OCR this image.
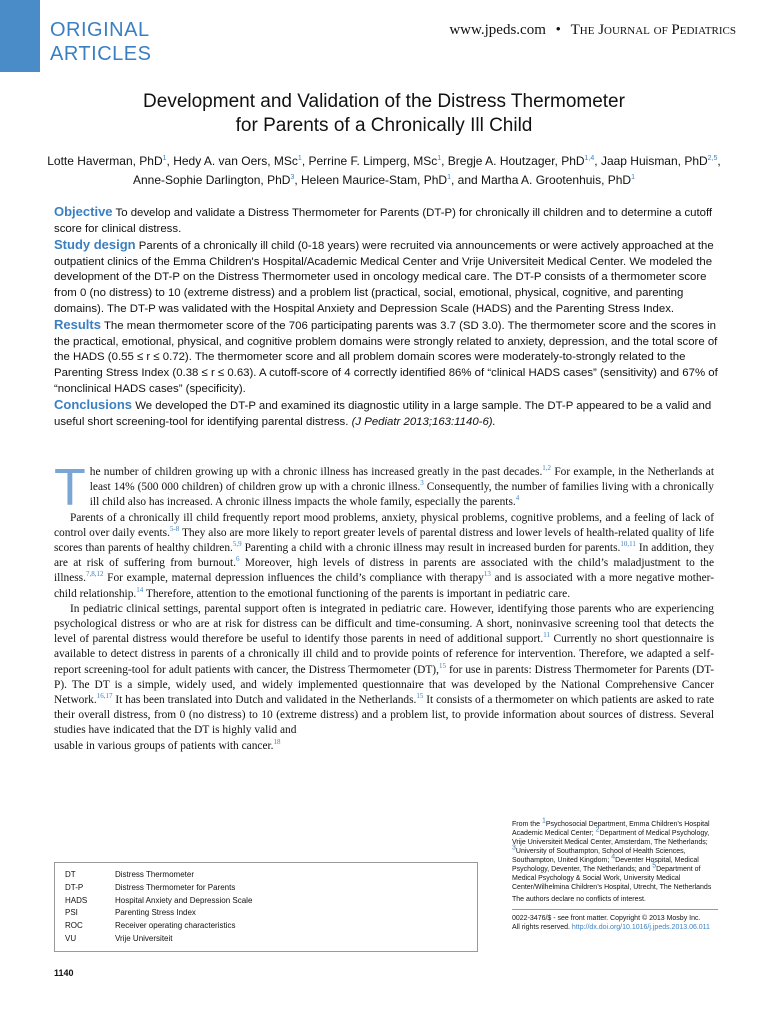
ORIGINAL
ARTICLES
www.jpeds.com • The Journal of Pediatrics
Development and Validation of the Distress Thermometer
for Parents of a Chronically Ill Child
Lotte Haverman, PhD$^1$, Hedy A. van Oers, MSc$^1$, Perrine F. Limperg, MSc$^1$, Bregje A. Houtzager, PhD$^{1,4}$, Jaap Huisman, PhD$^{2,5}$,
Anne-Sophie Darlington, PhD$^3$, Heleen Maurice-Stam, PhD$^1$, and Martha A. Grootenhuis, PhD$^1$
Objective To develop and validate a Distress Thermometer for Parents (DT-P) for chronically ill children and to determine a cutoff score for clinical distress.
Study design Parents of a chronically ill child (0-18 years) were recruited via announcements or were actively approached at the outpatient clinics of the Emma Children's Hospital/Academic Medical Center and Vrije Universiteit Medical Center. We modeled the development of the DT-P on the Distress Thermometer used in oncology medical care. The DT-P consists of a thermometer score from 0 (no distress) to 10 (extreme distress) and a problem list (practical, social, emotional, physical, cognitive, and parenting domains). The DT-P was validated with the Hospital Anxiety and Depression Scale (HADS) and the Parenting Stress Index.
Results The mean thermometer score of the 706 participating parents was 3.7 (SD 3.0). The thermometer score and the scores in the practical, emotional, physical, and cognitive problem domains were strongly related to anxiety, depression, and the total score of the HADS (0.55 ≤ r ≤ 0.72). The thermometer score and all problem domain scores were moderately-to-strongly related to the Parenting Stress Index (0.38 ≤ r ≤ 0.63). A cutoff-score of 4 correctly identified 86% of “clinical HADS cases” (sensitivity) and 67% of “nonclinical HADS cases” (specificity).
Conclusions We developed the DT-P and examined its diagnostic utility in a large sample. The DT-P appeared to be a valid and useful short screening-tool for identifying parental distress. (J Pediatr 2013;163:1140-6).

The number of children growing up with a chronic illness has increased greatly in the past decades.$^{1,2}$ For example, in the Netherlands at least 14% (500 000 children) of children grow up with a chronic illness.$^3$ Consequently, the number of families living with a chronically ill child also has increased. A chronic illness impacts the whole family, especially the parents.$^4$

Parents of a chronically ill child frequently report mood problems, anxiety, physical problems, cognitive problems, and a feeling of lack of control over daily events.$^{5-8}$ They also are more likely to report greater levels of parental distress and lower levels of health-related quality of life scores than parents of healthy children.$^{5,9}$ Parenting a child with a chronic illness may result in increased burden for parents.$^{10,11}$ In addition, they are at risk of suffering from burnout.$^6$ Moreover, high levels of distress in parents are associated with the child’s maladjustment to the illness.$^{7,8,12}$ For example, maternal depression influences the child’s compliance with therapy$^{13}$ and is associated with a more negative mother-child relationship.$^{14}$ Therefore, attention to the emotional functioning of the parents is important in pediatric care.

In pediatric clinical settings, parental support often is integrated in pediatric care. However, identifying those parents who are experiencing psychological distress or who are at risk for distress can be difficult and time-consuming. A short, noninvasive screening tool that detects the level of parental distress would therefore be useful to identify those parents in need of additional support.$^{11}$ Currently no short questionnaire is available to detect distress in parents of a chronically ill child and to provide points of reference for intervention. Therefore, we adapted a self-report screening-tool for adult patients with cancer, the Distress Thermometer (DT),$^{15}$ for use in parents: Distress Thermometer for Parents (DT-P). The DT is a simple, widely used, and widely implemented questionnaire that was developed by the National Comprehensive Cancer Network.$^{16,17}$ It has been translated into Dutch and validated in the Netherlands.$^{15}$ It consists of a thermometer on which patients are asked to rate their overall distress, from 0 (no distress) to 10 (extreme distress) and a problem list, to provide information about sources of distress. Several studies have indicated that the DT is highly valid and

usable in various groups of patients with cancer.$^{18}$

From the $^1$Psychosocial Department, Emma Children’s Hospital Academic Medical Center; $^2$Department of Medical Psychology, Vrije Universiteit Medical Center, Amsterdam, The Netherlands; $^3$University of Southampton, School of Health Sciences, Southampton, United Kingdom; $^4$Deventer Hospital, Medical Psychology, Deventer, The Netherlands; and $^5$Department of Medical Psychology & Social Work, University Medical Center/Wilhelmina Children’s Hospital, Utrecht, The Netherlands

The authors declare no conflicts of interest.

0022-3476/$ - see front matter. Copyright © 2013 Mosby Inc.
All rights reserved. http://dx.doi.org/10.1016/j.jpeds.2013.06.011
DT	Distress Thermometer
DT-P	Distress Thermometer for Parents
HADS	Hospital Anxiety and Depression Scale
PSI	Parenting Stress Index
ROC	Receiver operating characteristics
VU	Vrije Universiteit
1140
